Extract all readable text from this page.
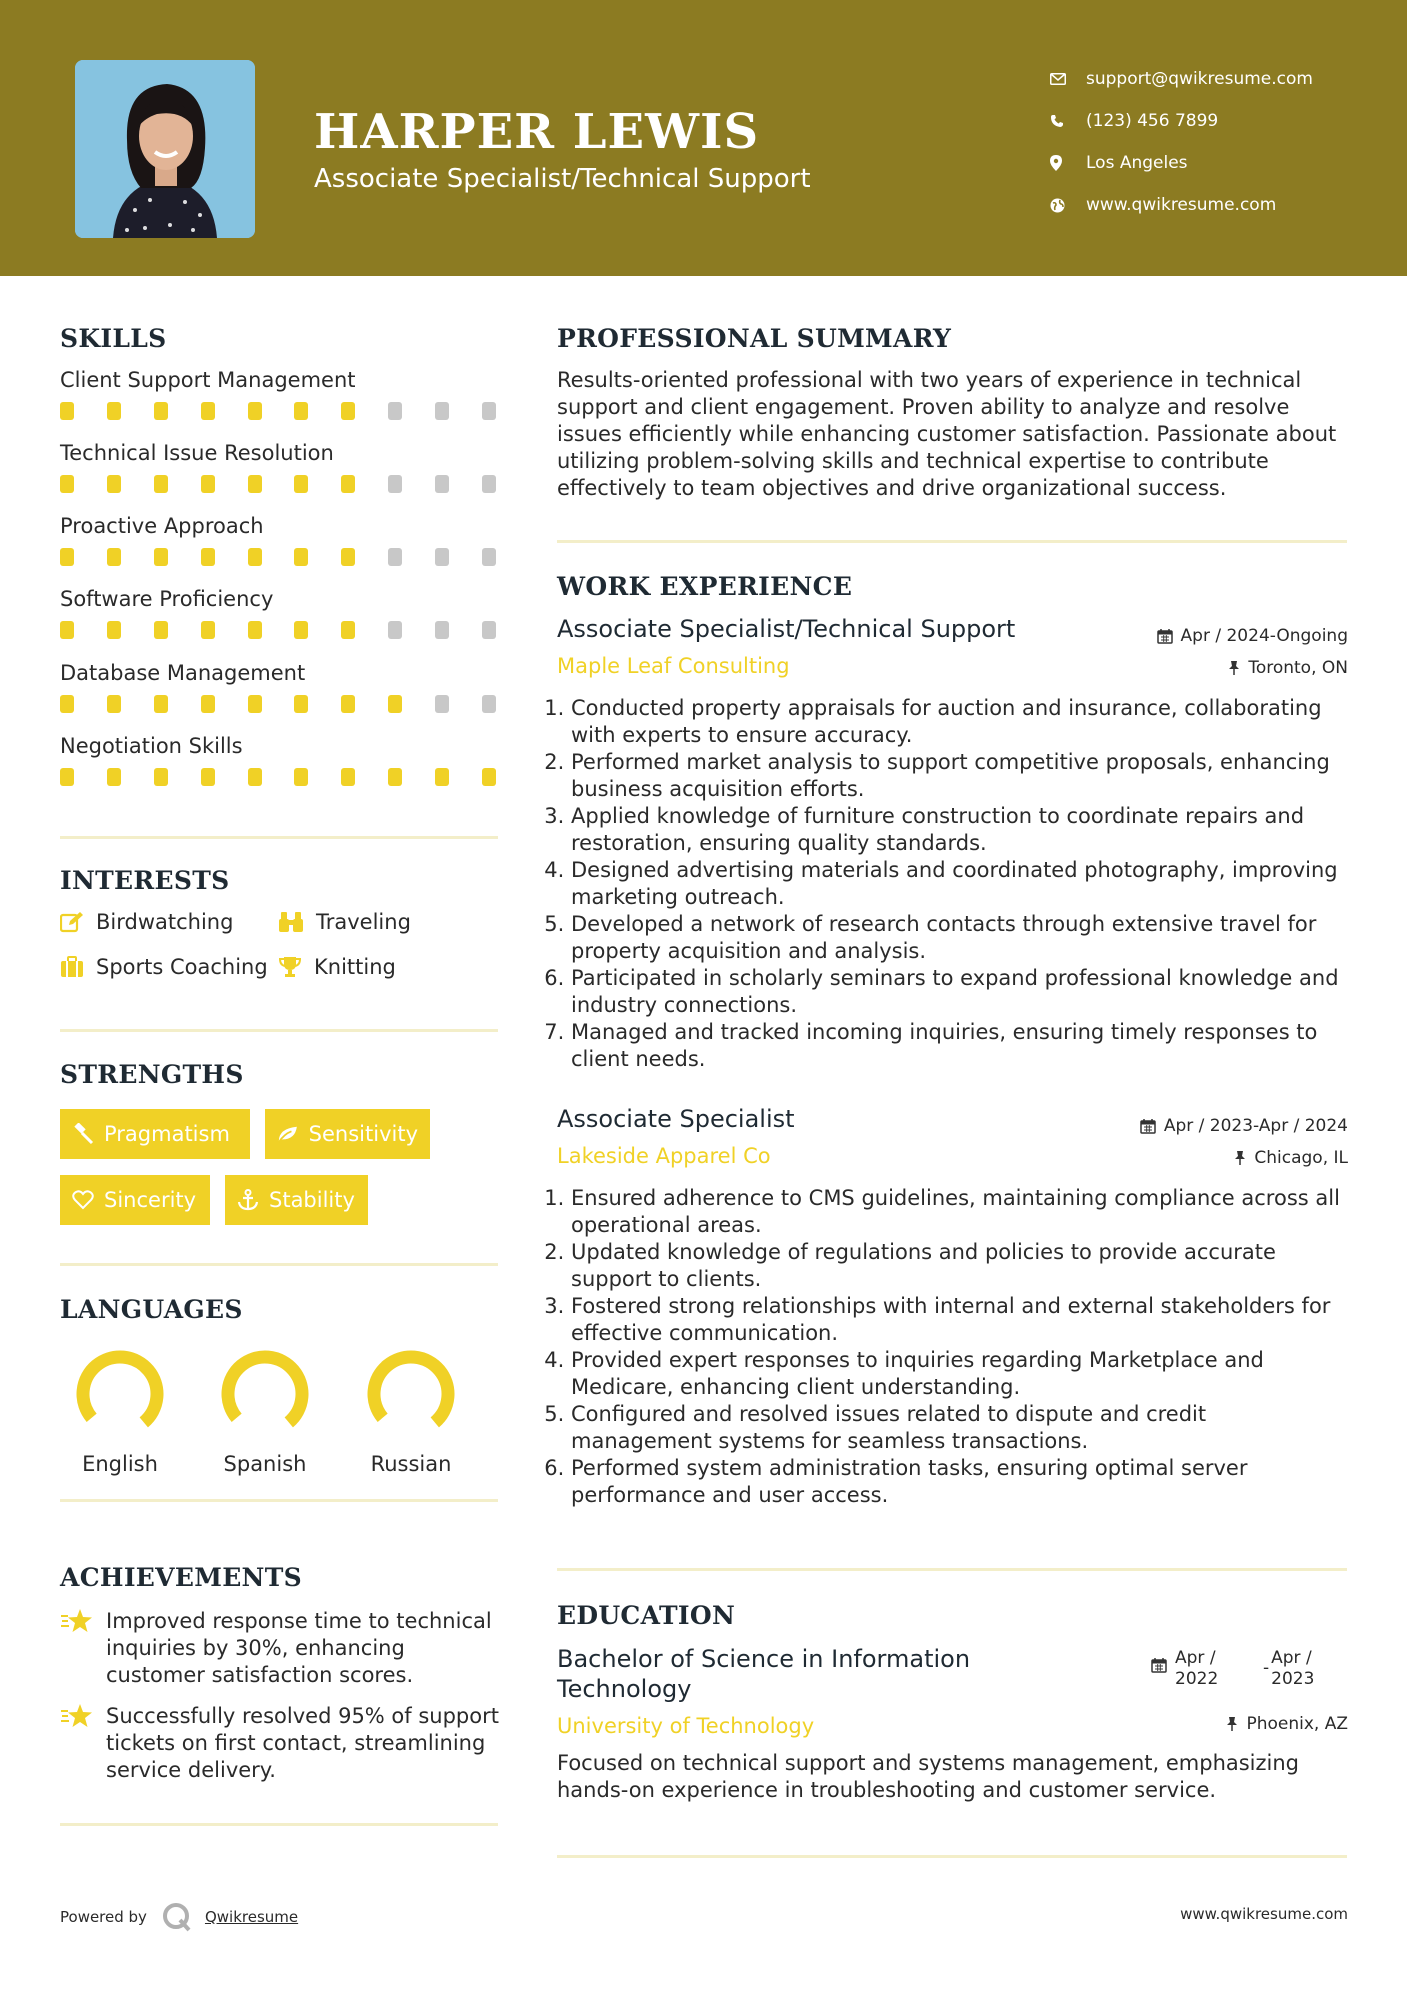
HARPER LEWIS
Associate Specialist/Technical Support
support@qwikresume.com
(123) 456 7899
Los Angeles
www.qwikresume.com
SKILLS
Client Support Management
Technical Issue Resolution
Proactive Approach
Software Proficiency
Database Management
Negotiation Skills
INTERESTS
Birdwatching	Traveling
Sports Coaching Knitting
STRENGTHS
Pragmatism	Sensitivity
Sincerity	Stability
LANGUAGES
English	Spanish	Russian
ACHIEVEMENTS
Improved response time to technical inquiries by 30%, enhancing customer satisfaction scores.
Successfully resolved 95% of support tickets on first contact, streamlining service delivery.
PROFESSIONAL SUMMARY
Results-oriented professional with two years of experience in technical support and client engagement. Proven ability to analyze and resolve issues efficiently while enhancing customer satisfaction. Passionate about utilizing problem-solving skills and technical expertise to contribute effectively to team objectives and drive organizational success.
WORK EXPERIENCE
Associate Specialist/Technical Support
Maple Leaf Consulting
Apr / 2024-Ongoing
Toronto, ON
1. Conducted property appraisals for auction and insurance, collaborating with experts to ensure accuracy.
2. Performed market analysis to support competitive proposals, enhancing business acquisition efforts.
3. Applied knowledge of furniture construction to coordinate repairs and restoration, ensuring quality standards.
4. Designed advertising materials and coordinated photography, improving marketing outreach.
5. Developed a network of research contacts through extensive travel for property acquisition and analysis.
6. Participated in scholarly seminars to expand professional knowledge and industry connections.
7. Managed and tracked incoming inquiries, ensuring timely responses to client needs.
Associate Specialist
Lakeside Apparel Co
Apr / 2023-Apr / 2024
Chicago, IL
1. Ensured adherence to CMS guidelines, maintaining compliance across all operational areas.
2. Updated knowledge of regulations and policies to provide accurate support to clients.
3. Fostered strong relationships with internal and external stakeholders for effective communication.
4. Provided expert responses to inquiries regarding Marketplace and Medicare, enhancing client understanding.
5. Configured and resolved issues related to dispute and credit management systems for seamless transactions.
6. Performed system administration tasks, ensuring optimal server performance and user access.
EDUCATION
Bachelor of Science in Information Technology
University of Technology
Apr / 2022
- Apr / 2023
Phoenix, AZ
Focused on technical support and systems management, emphasizing hands-on experience in troubleshooting and customer service.
Powered by	Qwikresume	www.qwikresume.com
